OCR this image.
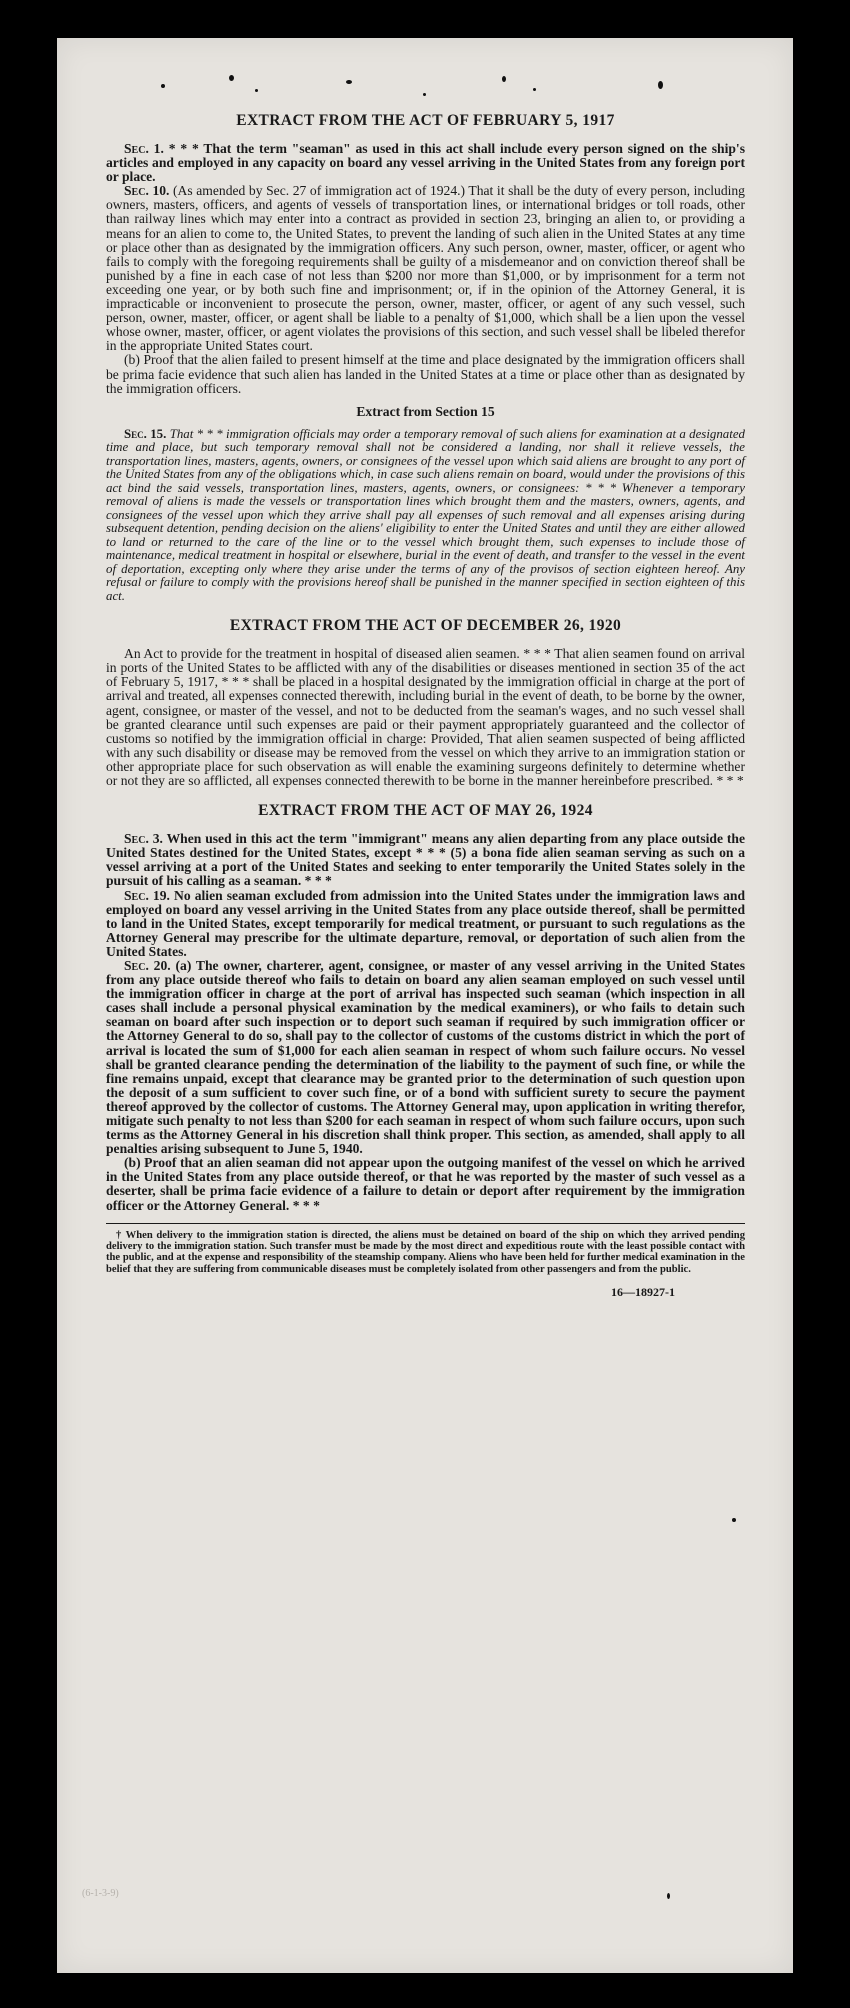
(6-1-3-9)
EXTRACT FROM THE ACT OF FEBRUARY 5, 1917

Sec. 1. * * * That the term "seaman" as used in this act shall include every person signed on the ship's articles and employed in any capacity on board any vessel arriving in the United States from any foreign port or place.

Sec. 10. (As amended by Sec. 27 of immigration act of 1924.) That it shall be the duty of every person, including owners, masters, officers, and agents of vessels of transportation lines, or international bridges or toll roads, other than railway lines which may enter into a contract as provided in section 23, bringing an alien to, or providing a means for an alien to come to, the United States, to prevent the landing of such alien in the United States at any time or place other than as designated by the immigration officers. Any such person, owner, master, officer, or agent who fails to comply with the foregoing requirements shall be guilty of a misdemeanor and on conviction thereof shall be punished by a fine in each case of not less than $200 nor more than $1,000, or by imprisonment for a term not exceeding one year, or by both such fine and imprisonment; or, if in the opinion of the Attorney General, it is impracticable or inconvenient to prosecute the person, owner, master, officer, or agent of any such vessel, such person, owner, master, officer, or agent shall be liable to a penalty of $1,000, which shall be a lien upon the vessel whose owner, master, officer, or agent violates the provisions of this section, and such vessel shall be libeled therefor in the appropriate United States court.

(b) Proof that the alien failed to present himself at the time and place designated by the immigration officers shall be prima facie evidence that such alien has landed in the United States at a time or place other than as designated by the immigration officers.

Extract from Section 15

Sec. 15. That * * * immigration officials may order a temporary removal of such aliens for examination at a designated time and place, but such temporary removal shall not be considered a landing, nor shall it relieve vessels, the transportation lines, masters, agents, owners, or consignees of the vessel upon which said aliens are brought to any port of the United States from any of the obligations which, in case such aliens remain on board, would under the provisions of this act bind the said vessels, transportation lines, masters, agents, owners, or consignees: * * * Whenever a temporary removal of aliens is made the vessels or transportation lines which brought them and the masters, owners, agents, and consignees of the vessel upon which they arrive shall pay all expenses of such removal and all expenses arising during subsequent detention, pending decision on the aliens' eligibility to enter the United States and until they are either allowed to land or returned to the care of the line or to the vessel which brought them, such expenses to include those of maintenance, medical treatment in hospital or elsewhere, burial in the event of death, and transfer to the vessel in the event of deportation, excepting only where they arise under the terms of any of the provisos of section eighteen hereof. Any refusal or failure to comply with the provisions hereof shall be punished in the manner specified in section eighteen of this act.

EXTRACT FROM THE ACT OF DECEMBER 26, 1920

An Act to provide for the treatment in hospital of diseased alien seamen. * * * That alien seamen found on arrival in ports of the United States to be afflicted with any of the disabilities or diseases mentioned in section 35 of the act of February 5, 1917, * * * shall be placed in a hospital designated by the immigration official in charge at the port of arrival and treated, all expenses connected therewith, including burial in the event of death, to be borne by the owner, agent, consignee, or master of the vessel, and not to be deducted from the seaman's wages, and no such vessel shall be granted clearance until such expenses are paid or their payment appropriately guaranteed and the collector of customs so notified by the immigration official in charge: Provided, That alien seamen suspected of being afflicted with any such disability or disease may be removed from the vessel on which they arrive to an immigration station or other appropriate place for such observation as will enable the examining surgeons definitely to determine whether or not they are so afflicted, all expenses connected therewith to be borne in the manner hereinbefore prescribed. * * *

EXTRACT FROM THE ACT OF MAY 26, 1924

Sec. 3. When used in this act the term "immigrant" means any alien departing from any place outside the United States destined for the United States, except * * * (5) a bona fide alien seaman serving as such on a vessel arriving at a port of the United States and seeking to enter temporarily the United States solely in the pursuit of his calling as a seaman. * * *

Sec. 19. No alien seaman excluded from admission into the United States under the immigration laws and employed on board any vessel arriving in the United States from any place outside thereof, shall be permitted to land in the United States, except temporarily for medical treatment, or pursuant to such regulations as the Attorney General may prescribe for the ultimate departure, removal, or deportation of such alien from the United States.

Sec. 20. (a) The owner, charterer, agent, consignee, or master of any vessel arriving in the United States from any place outside thereof who fails to detain on board any alien seaman employed on such vessel until the immigration officer in charge at the port of arrival has inspected such seaman (which inspection in all cases shall include a personal physical examination by the medical examiners), or who fails to detain such seaman on board after such inspection or to deport such seaman if required by such immigration officer or the Attorney General to do so, shall pay to the collector of customs of the customs district in which the port of arrival is located the sum of $1,000 for each alien seaman in respect of whom such failure occurs. No vessel shall be granted clearance pending the determination of the liability to the payment of such fine, or while the fine remains unpaid, except that clearance may be granted prior to the determination of such question upon the deposit of a sum sufficient to cover such fine, or of a bond with sufficient surety to secure the payment thereof approved by the collector of customs. The Attorney General may, upon application in writing therefor, mitigate such penalty to not less than $200 for each seaman in respect of whom such failure occurs, upon such terms as the Attorney General in his discretion shall think proper. This section, as amended, shall apply to all penalties arising subsequent to June 5, 1940.

(b) Proof that an alien seaman did not appear upon the outgoing manifest of the vessel on which he arrived in the United States from any place outside thereof, or that he was reported by the master of such vessel as a deserter, shall be prima facie evidence of a failure to detain or deport after requirement by the immigration officer or the Attorney General. * * *

† When delivery to the immigration station is directed, the aliens must be detained on board of the ship on which they arrived pending delivery to the immigration station. Such transfer must be made by the most direct and expeditious route with the least possible contact with the public, and at the expense and responsibility of the steamship company. Aliens who have been held for further medical examination in the belief that they are suffering from communicable diseases must be completely isolated from other passengers and from the public.
16—18927-1
